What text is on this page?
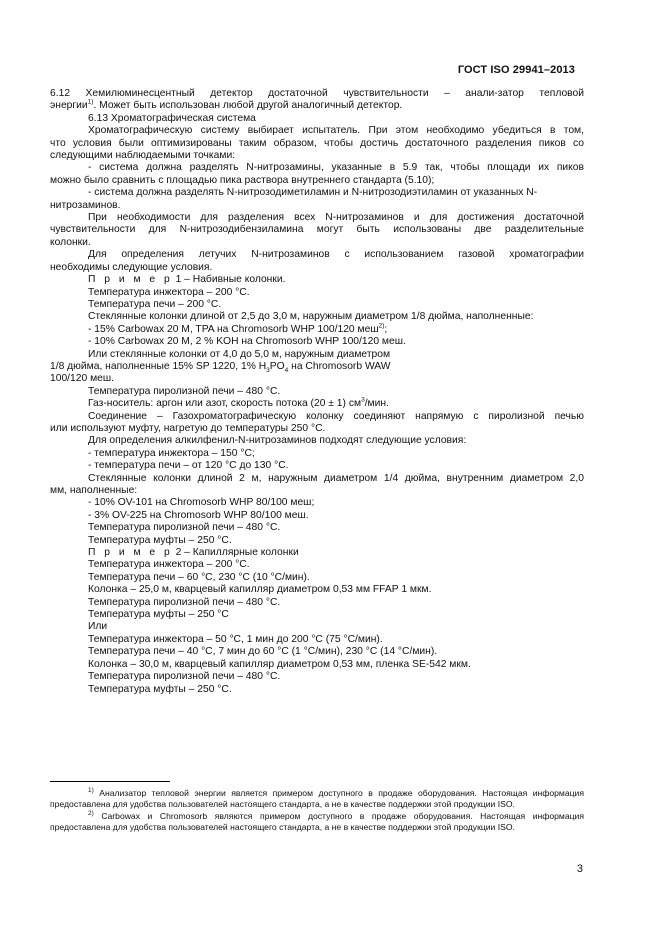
ГОСТ ISO 29941–2013

6.12 Хемилюминесцентный детектор достаточной чувствительности – анали-затор тепловой

энергии$^{1)}$. Может быть использован любой другой аналогичный детектор.

6.13 Хроматографическая система

Хроматографическую систему выбирает испытатель. При этом необходимо убедиться в том,

что условия были оптимизированы таким образом, чтобы достичь достаточного разделения пиков со

следующими наблюдаемыми точками:

- система должна разделять N-нитрозамины, указанные в 5.9 так, чтобы площади их пиков

можно было сравнить с площадью пика раствора внутреннего стандарта (5.10);

- система должна разделять N-нитрозодиметиламин и N-нитрозодиэтиламин от указанных N-

нитрозаминов.

При необходимости для разделения всех N-нитрозаминов и для достижения достаточной

чувствительности для N-нитрозодибензиламина могут быть использованы две разделительные

колонки.

Для определения летучих N-нитрозаминов с использованием газовой хроматографии

необходимы следующие условия.

П р и м е р 1 – Набивные колонки.

Температура инжектора – 200 °С.

Температура печи – 200 °С.

Стеклянные колонки длиной от 2,5 до 3,0 м, наружным диаметром 1/8 дюйма, наполненные:

- 15% Carbowax 20 M, TPA на Chromosorb WHP 100/120 меш$^{2)}$;

- 10% Carbowax 20 M, 2 % KOH на Chromosorb WHP 100/120 меш.

Или стеклянные колонки от 4,0 до 5,0 м, наружным диаметром

1/8 дюйма, наполненные 15% SP 1220, 1% $H_3PO_4$ на Chromosorb WAW

100/120 меш.

Температура пиролизной печи – 480 °С.

Газ-носитель: аргон или азот, скорость потока (20 ± 1) $см^3$/мин.

Соединение – Газохроматографическую колонку соединяют напрямую с пиролизной печью

или используют муфту, нагретую до температуры 250 °С.

Для определения алкилфенил-N-нитрозаминов подходят следующие условия:

- температура инжектора – 150 °С;

- температура печи – от 120 °С до 130 °С.

Стеклянные колонки длиной 2 м, наружным диаметром 1/4 дюйма, внутренним диаметром 2,0

мм, наполненные:

- 10% OV-101 на Chromosorb WHP 80/100 меш;

- 3% OV-225 на Chromosorb WHP 80/100 меш.

Температура пиролизной печи – 480 °С.

Температура муфты – 250 °С.

П р и м е р 2 – Капиллярные колонки

Температура инжектора – 200 °С.

Температура печи – 60 °С, 230 °С (10 °С/мин).

Колонка – 25,0 м, кварцевый капилляр диаметром 0,53 мм FFAP 1 мкм.

Температура пиролизной печи – 480 °С.

Температура муфты – 250 °С

Или

Температура инжектора – 50 °С, 1 мин до 200 °С (75 °С/мин).

Температура печи – 40 °С, 7 мин до 60 °С (1 °С/мин), 230 °С (14 °С/мин).

Колонка – 30,0 м, кварцевый капилляр диаметром 0,53 мм, пленка SE-542 мкм.

Температура пиролизной печи – 480 °С.

Температура муфты – 250 °С.

$^{1)}$ Анализатор тепловой энергии является примером доступного в продаже оборудования. Настоящая информация предоставлена для удобства пользователей настоящего стандарта, а не в качестве поддержки этой продукции ISO.

$^{2)}$ Carbowax и Chromosorb являются примером доступного в продаже оборудования. Настоящая информация предоставлена для удобства пользователей настоящего стандарта, а не в качестве поддержки этой продукции ISO.

3
